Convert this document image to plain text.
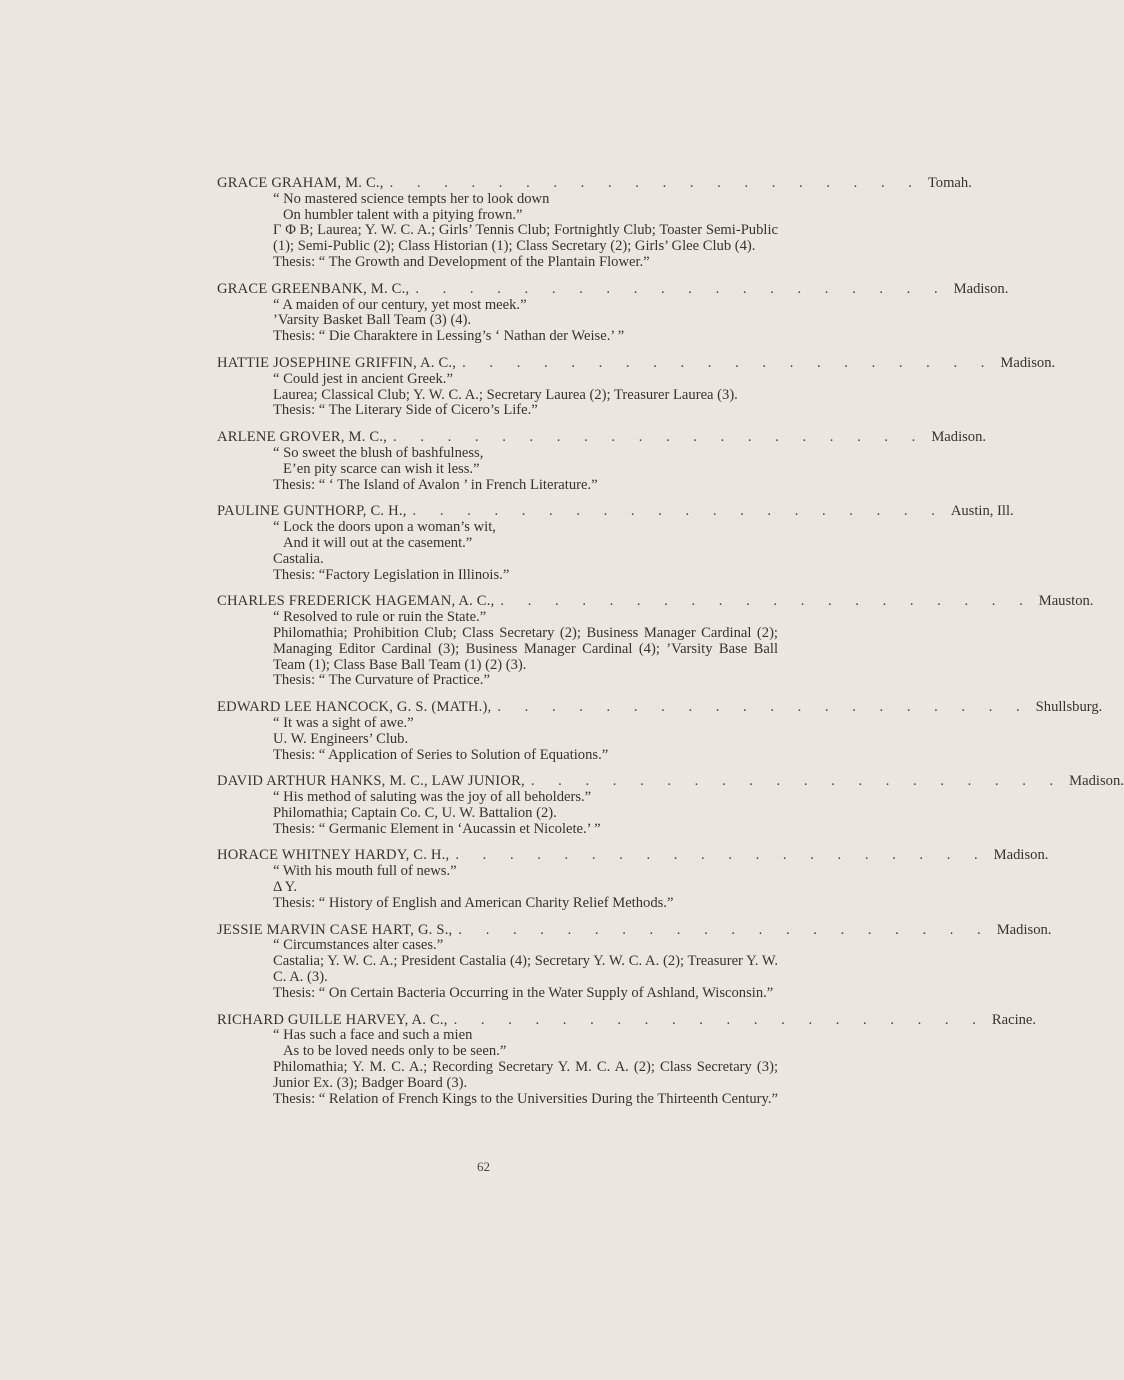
GRACE GRAHAM, M. C., . . . . . . . . . . . . . . . . . . . . Tomah.
“ No mastered science tempts her to look down
On humbler talent with a pitying frown.”
Γ Φ Β; Laurea; Y. W. C. A.; Girls’ Tennis Club; Fortnightly Club; Toaster Semi-Public (1); Semi-Public (2); Class Historian (1); Class Secretary (2); Girls’ Glee Club (4).
Thesis: “ The Growth and Development of the Plantain Flower.”
GRACE GREENBANK, M. C., . . . . . . . . . . . . . . . . . . . . Madison.
“ A maiden of our century, yet most meek.”
’Varsity Basket Ball Team (3) (4).
Thesis: “ Die Charaktere in Lessing’s ‘ Nathan der Weise.’ ”
HATTIE JOSEPHINE GRIFFIN, A. C., . . . . . . . . . . . . . . . . . . . . Madison.
“ Could jest in ancient Greek.”
Laurea; Classical Club; Y. W. C. A.; Secretary Laurea (2); Treasurer Laurea (3).
Thesis: “ The Literary Side of Cicero’s Life.”
ARLENE GROVER, M. C., . . . . . . . . . . . . . . . . . . . . Madison.
“ So sweet the blush of bashfulness,
E’en pity scarce can wish it less.”
Thesis: “ ‘ The Island of Avalon ’ in French Literature.”
PAULINE GUNTHORP, C. H., . . . . . . . . . . . . . . . . . . . . Austin, Ill.
“ Lock the doors upon a woman’s wit,
And it will out at the casement.”
Castalia.
Thesis: “Factory Legislation in Illinois.”
CHARLES FREDERICK HAGEMAN, A. C., . . . . . . . . . . . . . . . . . . . . Mauston.
“ Resolved to rule or ruin the State.”
Philomathia; Prohibition Club; Class Secretary (2); Business Manager Cardinal (2); Managing Editor Cardinal (3); Business Manager Cardinal (4); ’Varsity Base Ball Team (1); Class Base Ball Team (1) (2) (3).
Thesis: “ The Curvature of Practice.”
EDWARD LEE HANCOCK, G. S. (MATH.), . . . . . . . . . . . . . . . . . . . . Shullsburg.
“ It was a sight of awe.”
U. W. Engineers’ Club.
Thesis: “ Application of Series to Solution of Equations.”
DAVID ARTHUR HANKS, M. C., LAW JUNIOR, . . . . . . . . . . . . . . . . . . . . Madison.
“ His method of saluting was the joy of all beholders.”
Philomathia; Captain Co. C, U. W. Battalion (2).
Thesis: “ Germanic Element in ‘Aucassin et Nicolete.’ ”
HORACE WHITNEY HARDY, C. H., . . . . . . . . . . . . . . . . . . . . Madison.
“ With his mouth full of news.”
Δ Υ.
Thesis: “ History of English and American Charity Relief Methods.”
JESSIE MARVIN CASE HART, G. S., . . . . . . . . . . . . . . . . . . . . Madison.
“ Circumstances alter cases.”
Castalia; Y. W. C. A.; President Castalia (4); Secretary Y. W. C. A. (2); Treasurer Y. W. C. A. (3).
Thesis: “ On Certain Bacteria Occurring in the Water Supply of Ashland, Wisconsin.”
RICHARD GUILLE HARVEY, A. C., . . . . . . . . . . . . . . . . . . . . Racine.
“ Has such a face and such a mien
As to be loved needs only to be seen.”
Philomathia; Y. M. C. A.; Recording Secretary Y. M. C. A. (2); Class Secretary (3); Junior Ex. (3); Badger Board (3).
Thesis: “ Relation of French Kings to the Universities During the Thirteenth Century.”
62
